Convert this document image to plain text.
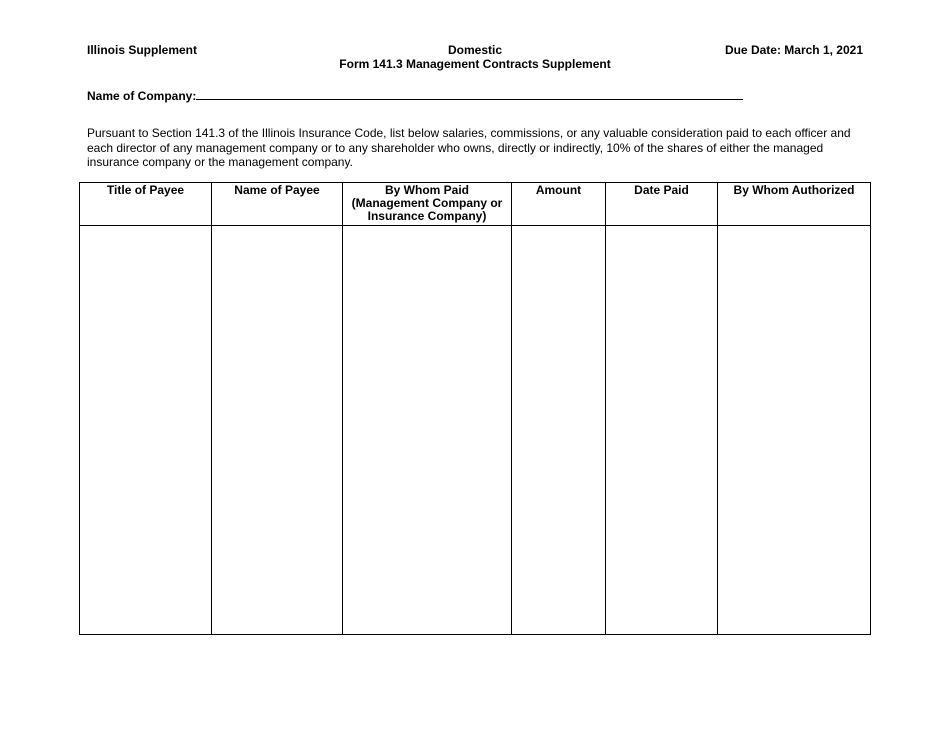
Domestic
Form 141.3 Management Contracts Supplement
Illinois Supplement	Due Date: March 1, 2021
Name of Company:
Pursuant to Section 141.3 of the Illinois Insurance Code, list below salaries, commissions, or any valuable consideration paid to each officer and each director of any management company or to any shareholder who owns, directly or indirectly, 10% of the shares of either the managed insurance company or the management company.
Title of Payee	Name of Payee	By Whom Paid
(Management Company or
Insurance Company)	Amount	Date Paid	By Whom Authorized
